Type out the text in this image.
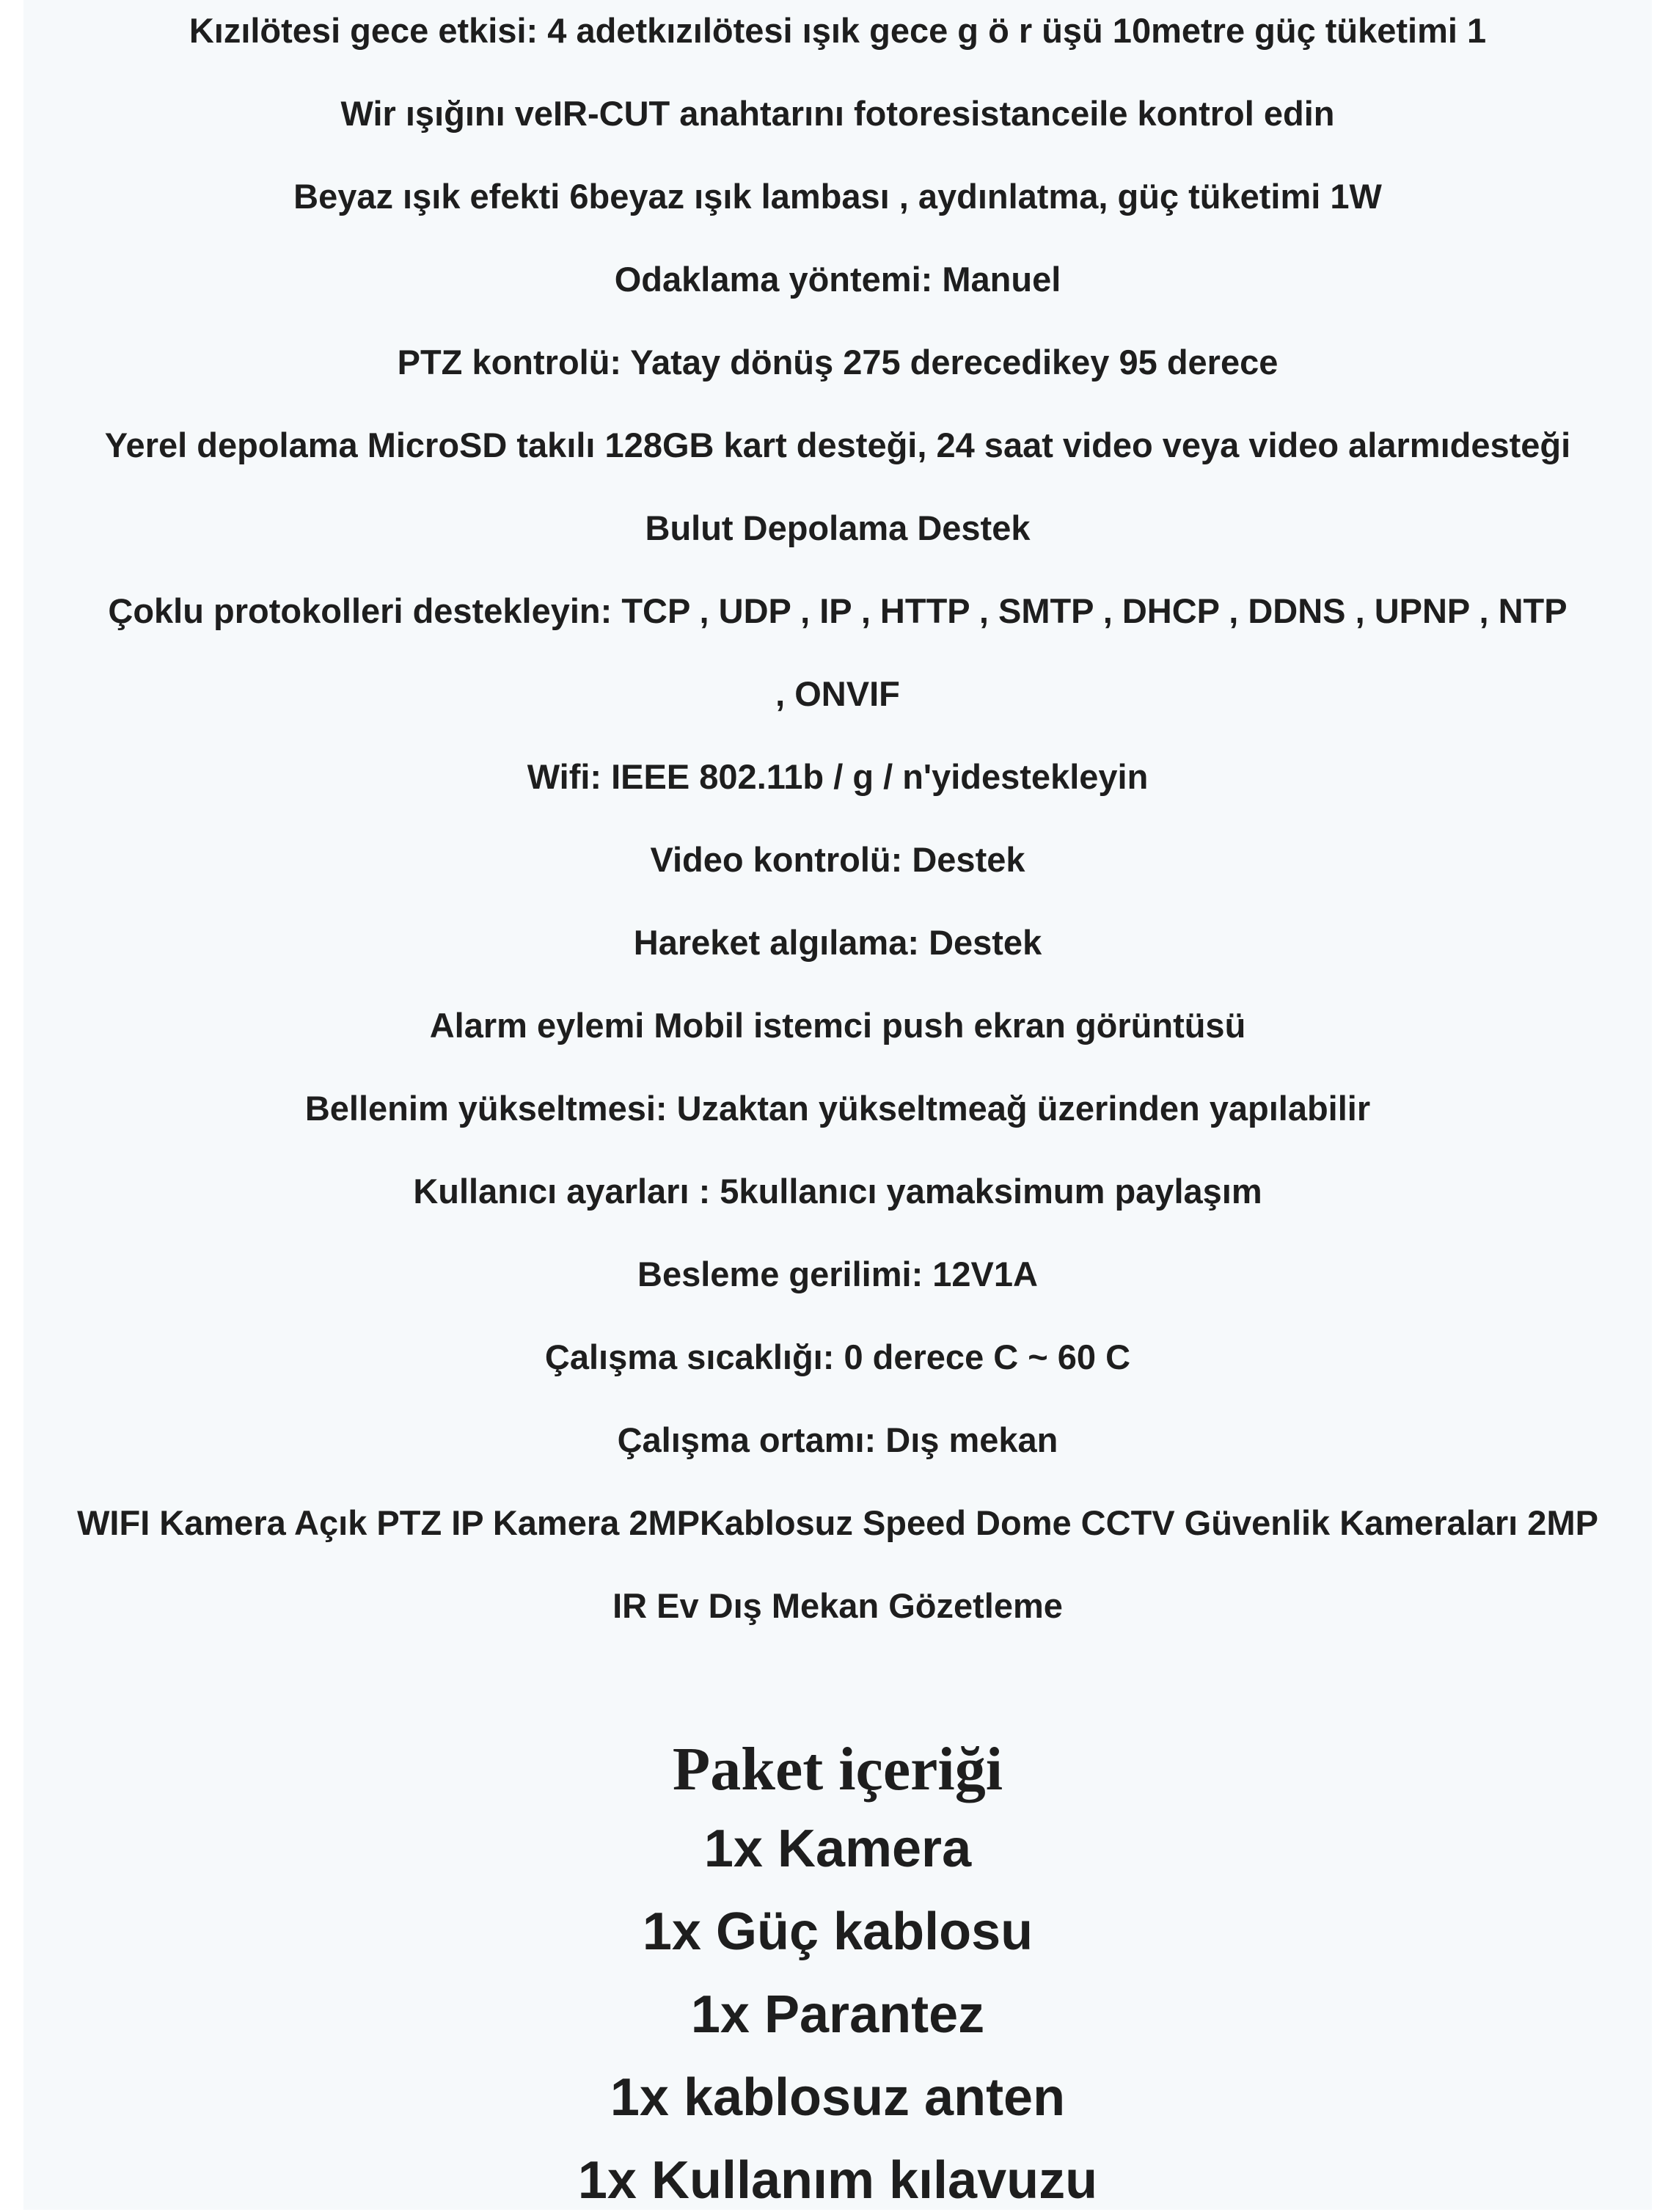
Kızılötesi gece etkisi: 4 adetkızılötesi ışık gece g ö r üşü 10metre güç tüketimi 1
Wir ışığını veIR-CUT anahtarını fotoresistanceile kontrol edin
Beyaz ışık efekti 6beyaz ışık lambası , aydınlatma, güç tüketimi 1W
Odaklama yöntemi: Manuel
PTZ kontrolü: Yatay dönüş 275 derecedikey 95 derece
Yerel depolama MicroSD takılı 128GB kart desteği, 24 saat video veya video alarmıdesteği
Bulut Depolama Destek
Çoklu protokolleri destekleyin: TCP , UDP , IP , HTTP , SMTP , DHCP , DDNS , UPNP , NTP
, ONVIF
Wifi: IEEE 802.11b / g / n'yidestekleyin
Video kontrolü: Destek
Hareket algılama: Destek
Alarm eylemi Mobil istemci push ekran görüntüsü
Bellenim yükseltmesi: Uzaktan yükseltmeağ üzerinden yapılabilir
Kullanıcı ayarları : 5kullanıcı yamaksimum paylaşım
Besleme gerilimi: 12V1A
Çalışma sıcaklığı: 0 derece C ~ 60 C
Çalışma ortamı: Dış mekan
WIFI Kamera Açık PTZ IP Kamera 2MPKablosuz Speed Dome CCTV Güvenlik Kameraları 2MP
IR Ev Dış Mekan Gözetleme
Paket içeriği
1x Kamera
1x Güç kablosu
1x Parantez
1x kablosuz anten
1x Kullanım kılavuzu
